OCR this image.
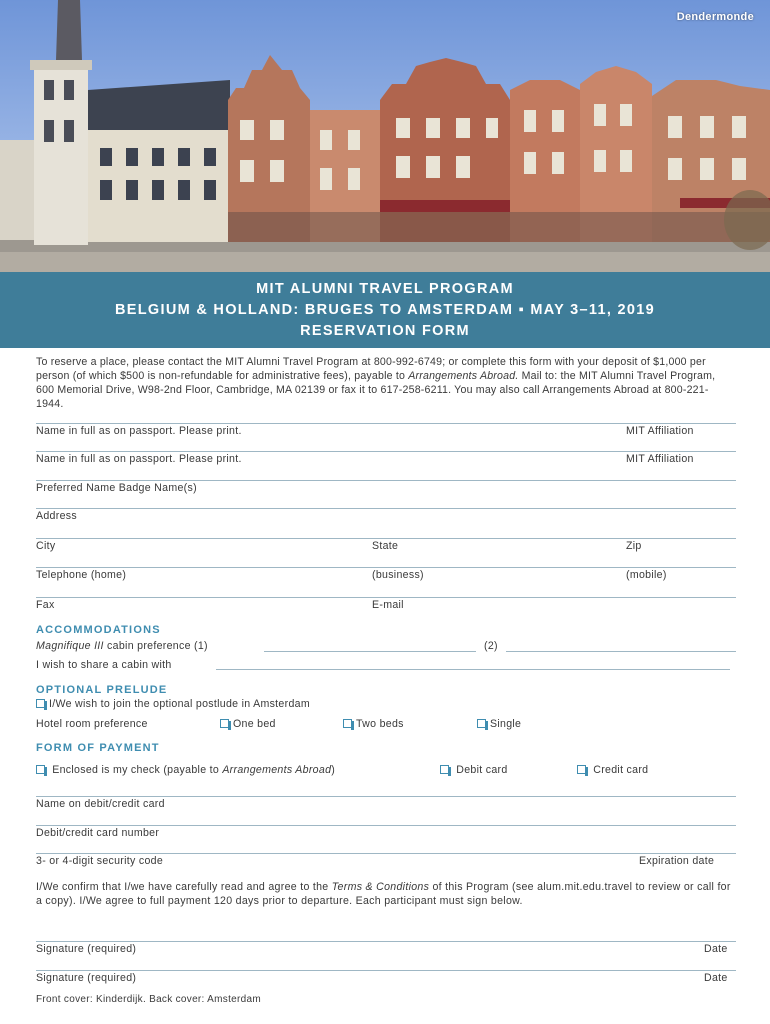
Dendermonde
MIT ALUMNI TRAVEL PROGRAM
BELGIUM & HOLLAND: BRUGES TO AMSTERDAM ▪ MAY 3–11, 2019
RESERVATION FORM
To reserve a place, please contact the MIT Alumni Travel Program at 800-992-6749; or complete this form with your deposit of $1,000 per person (of which $500 is non-refundable for administrative fees), payable to Arrangements Abroad. Mail to: the MIT Alumni Travel Program, 600 Memorial Drive, W98-2nd Floor, Cambridge, MA 02139 or fax it to 617-258-6211. You may also call Arrangements Abroad at 800-221-1944.
Name in full as on passport. Please print.	MIT Affiliation
Name in full as on passport. Please print.	MIT Affiliation
Preferred Name Badge Name(s)
Address
City	State	Zip
Telephone (home)	(business)	(mobile)
Fax	E-mail
ACCOMMODATIONS
Magnifique III cabin preference (1)	(2)
I wish to share a cabin with
OPTIONAL PRELUDE
I/We wish to join the optional postlude in Amsterdam
Hotel room preference	One bed	Two beds	Single
FORM OF PAYMENT
Enclosed is my check (payable to Arrangements Abroad)	Debit card	Credit card
Name on debit/credit card
Debit/credit card number
3- or 4-digit security code	Expiration date
I/We confirm that I/we have carefully read and agree to the Terms & Conditions of this Program (see alum.mit.edu.travel to review or call for a copy). I/We agree to full payment 120 days prior to departure. Each participant must sign below.
Signature (required)	Date
Signature (required)	Date
Front cover: Kinderdijk. Back cover: Amsterdam
